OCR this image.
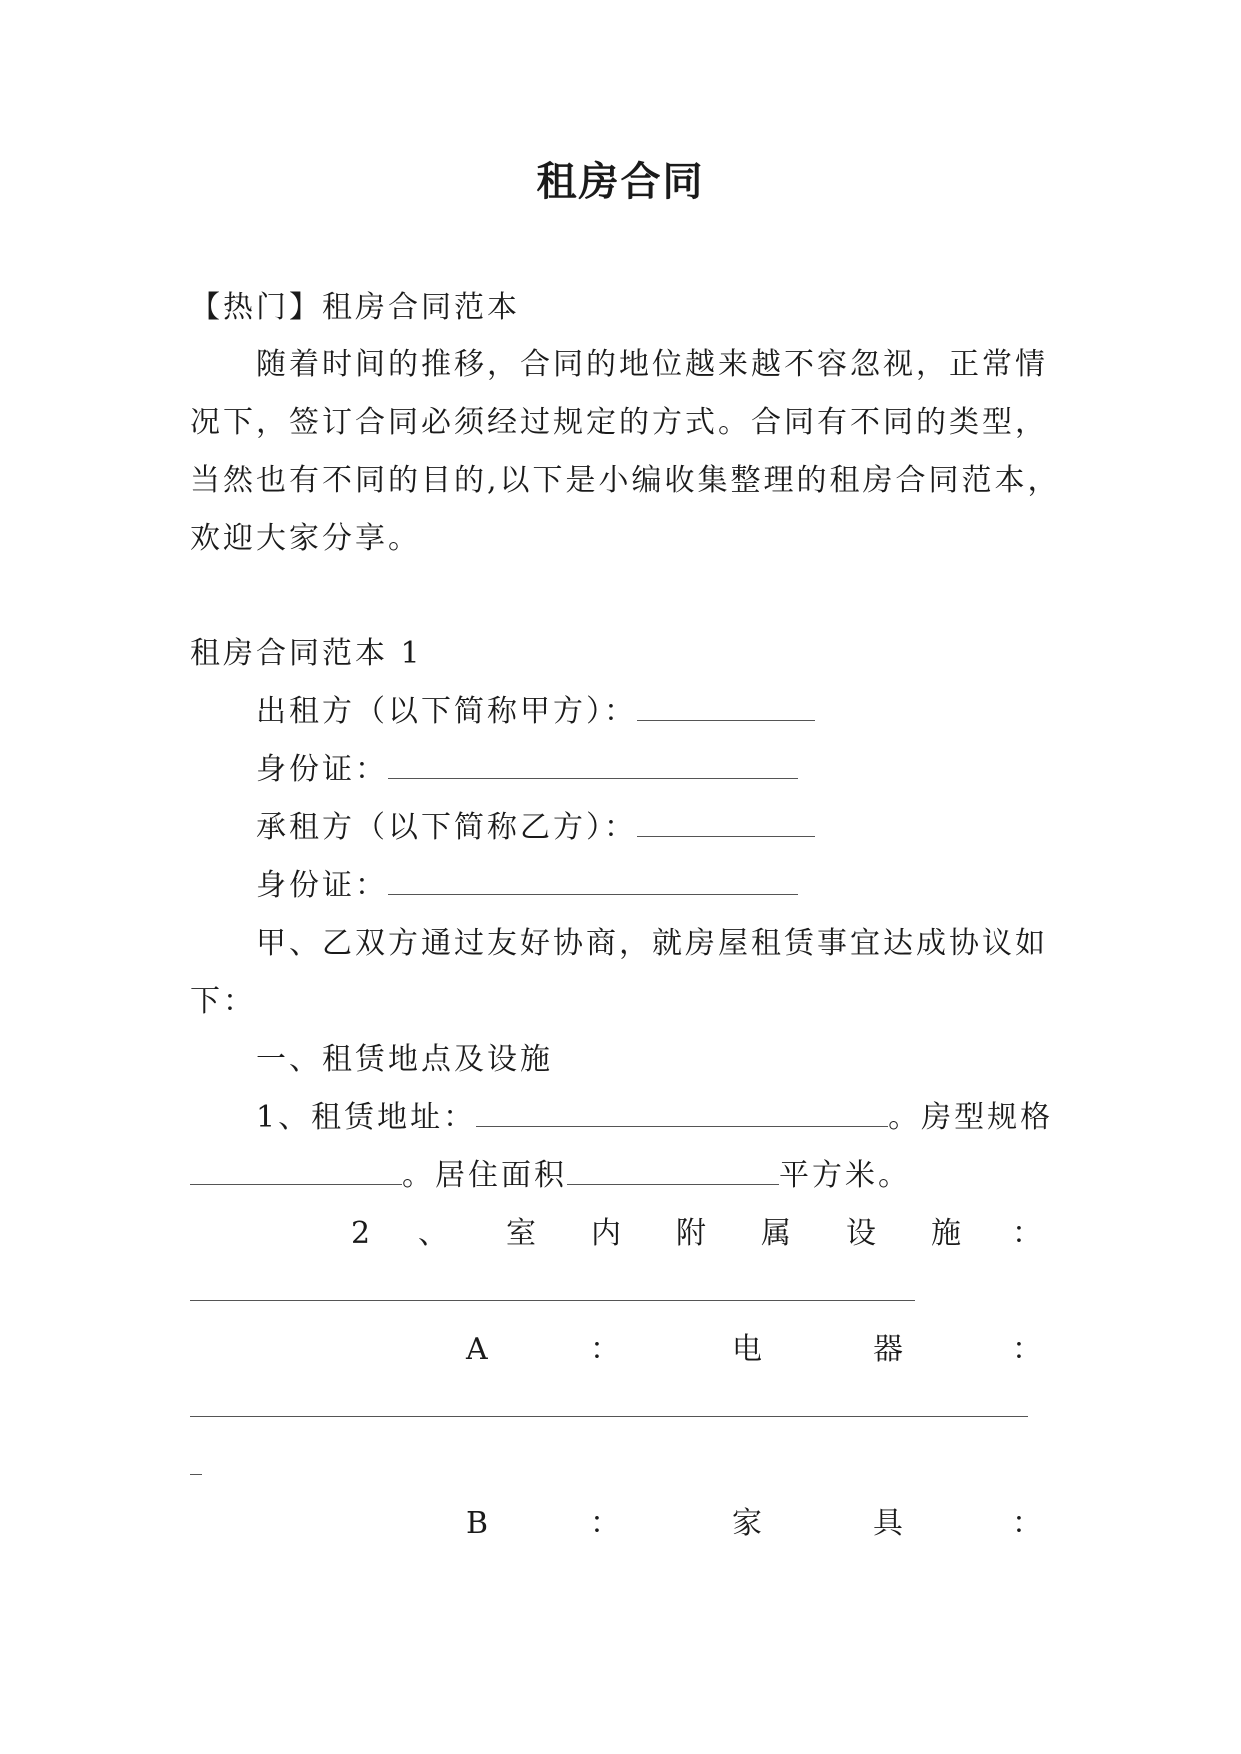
租房合同
【热门】租房合同范本
随着时间的推移，合同的地位越来越不容忽视，正常情
况下，签订合同必须经过规定的方式。合同有不同的类型，
当然也有不同的目的,以下是小编收集整理的租房合同范本，
欢迎大家分享。
租房合同范本 1
出租方（以下简称甲方）：
身份证：
承租方（以下简称乙方）：
身份证：
甲、乙双方通过友好协商，就房屋租赁事宜达成协议如
下：
一、租赁地点及设施
1、租赁地址：	。房型规格
。居住面积	平方米。
2 、 室 内 附 属 设 施 ：
A	：	电	器	：
B	：	家	具	：
